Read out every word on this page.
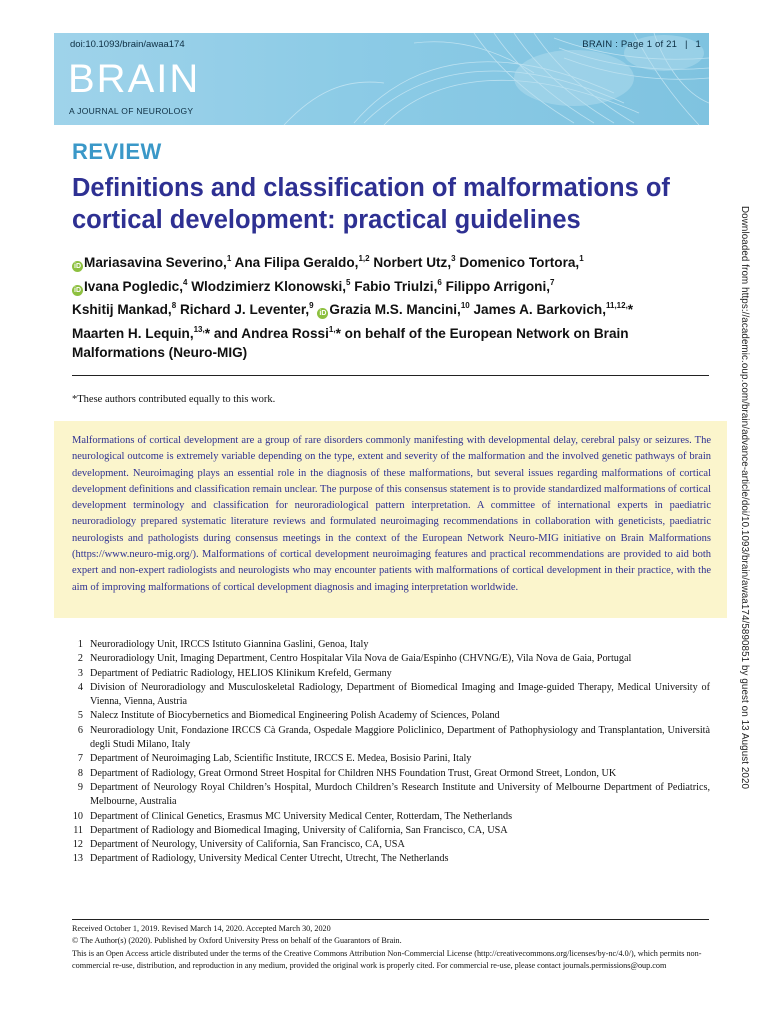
doi:10.1093/brain/awaa174	BRAIN : Page 1 of 21 | 1
BRAIN
A JOURNAL OF NEUROLOGY
Downloaded from https://academic.oup.com/brain/advance-article/doi/10.1093/brain/awaa174/5890851 by guest on 13 August 2020
REVIEW
Definitions and classification of malformations of cortical development: practical guidelines
iD Mariasavina Severino,$^1$ Ana Filipa Geraldo,$^{1,2}$ Norbert Utz,$^3$ Domenico Tortora,$^1$
iD Ivana Pogledic,$^4$ Wlodzimierz Klonowski,$^5$ Fabio Triulzi,$^6$ Filippo Arrigoni,$^7$
Kshitij Mankad,$^8$ Richard J. Leventer,$^9$ iD Grazia M.S. Mancini,$^{10}$ James A. Barkovich,$^{11,12,}$*
Maarten H. Lequin,$^{13,}$* and Andrea Rossi$^{1,}$* on behalf of the European Network on Brain Malformations (Neuro-MIG)
*These authors contributed equally to this work.
Malformations of cortical development are a group of rare disorders commonly manifesting with developmental delay, cerebral palsy or seizures. The neurological outcome is extremely variable depending on the type, extent and severity of the malformation and the involved genetic pathways of brain development. Neuroimaging plays an essential role in the diagnosis of these malformations, but several issues regarding malformations of cortical development definitions and classification remain unclear. The purpose of this consensus statement is to provide standardized malformations of cortical development terminology and classification for neuroradiological pattern interpretation. A committee of international experts in paediatric neuroradiology prepared systematic literature reviews and formulated neuroimaging recommendations in collaboration with geneticists, paediatric neurologists and pathologists during consensus meetings in the context of the European Network Neuro-MIG initiative on Brain Malformations (https://www.neuro-mig.org/). Malformations of cortical development neuroimaging features and practical recommendations are provided to aid both expert and non-expert radiologists and neurologists who may encounter patients with malformations of cortical development in their practice, with the aim of improving malformations of cortical development diagnosis and imaging interpretation worldwide.
1 Neuroradiology Unit, IRCCS Istituto Giannina Gaslini, Genoa, Italy
2 Neuroradiology Unit, Imaging Department, Centro Hospitalar Vila Nova de Gaia/Espinho (CHVNG/E), Vila Nova de Gaia, Portugal
3 Department of Pediatric Radiology, HELIOS Klinikum Krefeld, Germany
4 Division of Neuroradiology and Musculoskeletal Radiology, Department of Biomedical Imaging and Image-guided Therapy, Medical University of Vienna, Vienna, Austria
5 Nalecz Institute of Biocybernetics and Biomedical Engineering Polish Academy of Sciences, Poland
6 Neuroradiology Unit, Fondazione IRCCS Cà Granda, Ospedale Maggiore Policlinico, Department of Pathophysiology and Transplantation, Università degli Studi Milano, Italy
7 Department of Neuroimaging Lab, Scientific Institute, IRCCS E. Medea, Bosisio Parini, Italy
8 Department of Radiology, Great Ormond Street Hospital for Children NHS Foundation Trust, Great Ormond Street, London, UK
9 Department of Neurology Royal Children’s Hospital, Murdoch Children’s Research Institute and University of Melbourne Department of Pediatrics, Melbourne, Australia
10 Department of Clinical Genetics, Erasmus MC University Medical Center, Rotterdam, The Netherlands
11 Department of Radiology and Biomedical Imaging, University of California, San Francisco, CA, USA
12 Department of Neurology, University of California, San Francisco, CA, USA
13 Department of Radiology, University Medical Center Utrecht, Utrecht, The Netherlands
Received October 1, 2019. Revised March 14, 2020. Accepted March 30, 2020
© The Author(s) (2020). Published by Oxford University Press on behalf of the Guarantors of Brain.
This is an Open Access article distributed under the terms of the Creative Commons Attribution Non-Commercial License (http://creativecommons.org/licenses/by-nc/4.0/), which permits non-commercial re-use, distribution, and reproduction in any medium, provided the original work is properly cited. For commercial re-use, please contact journals.permissions@oup.com
